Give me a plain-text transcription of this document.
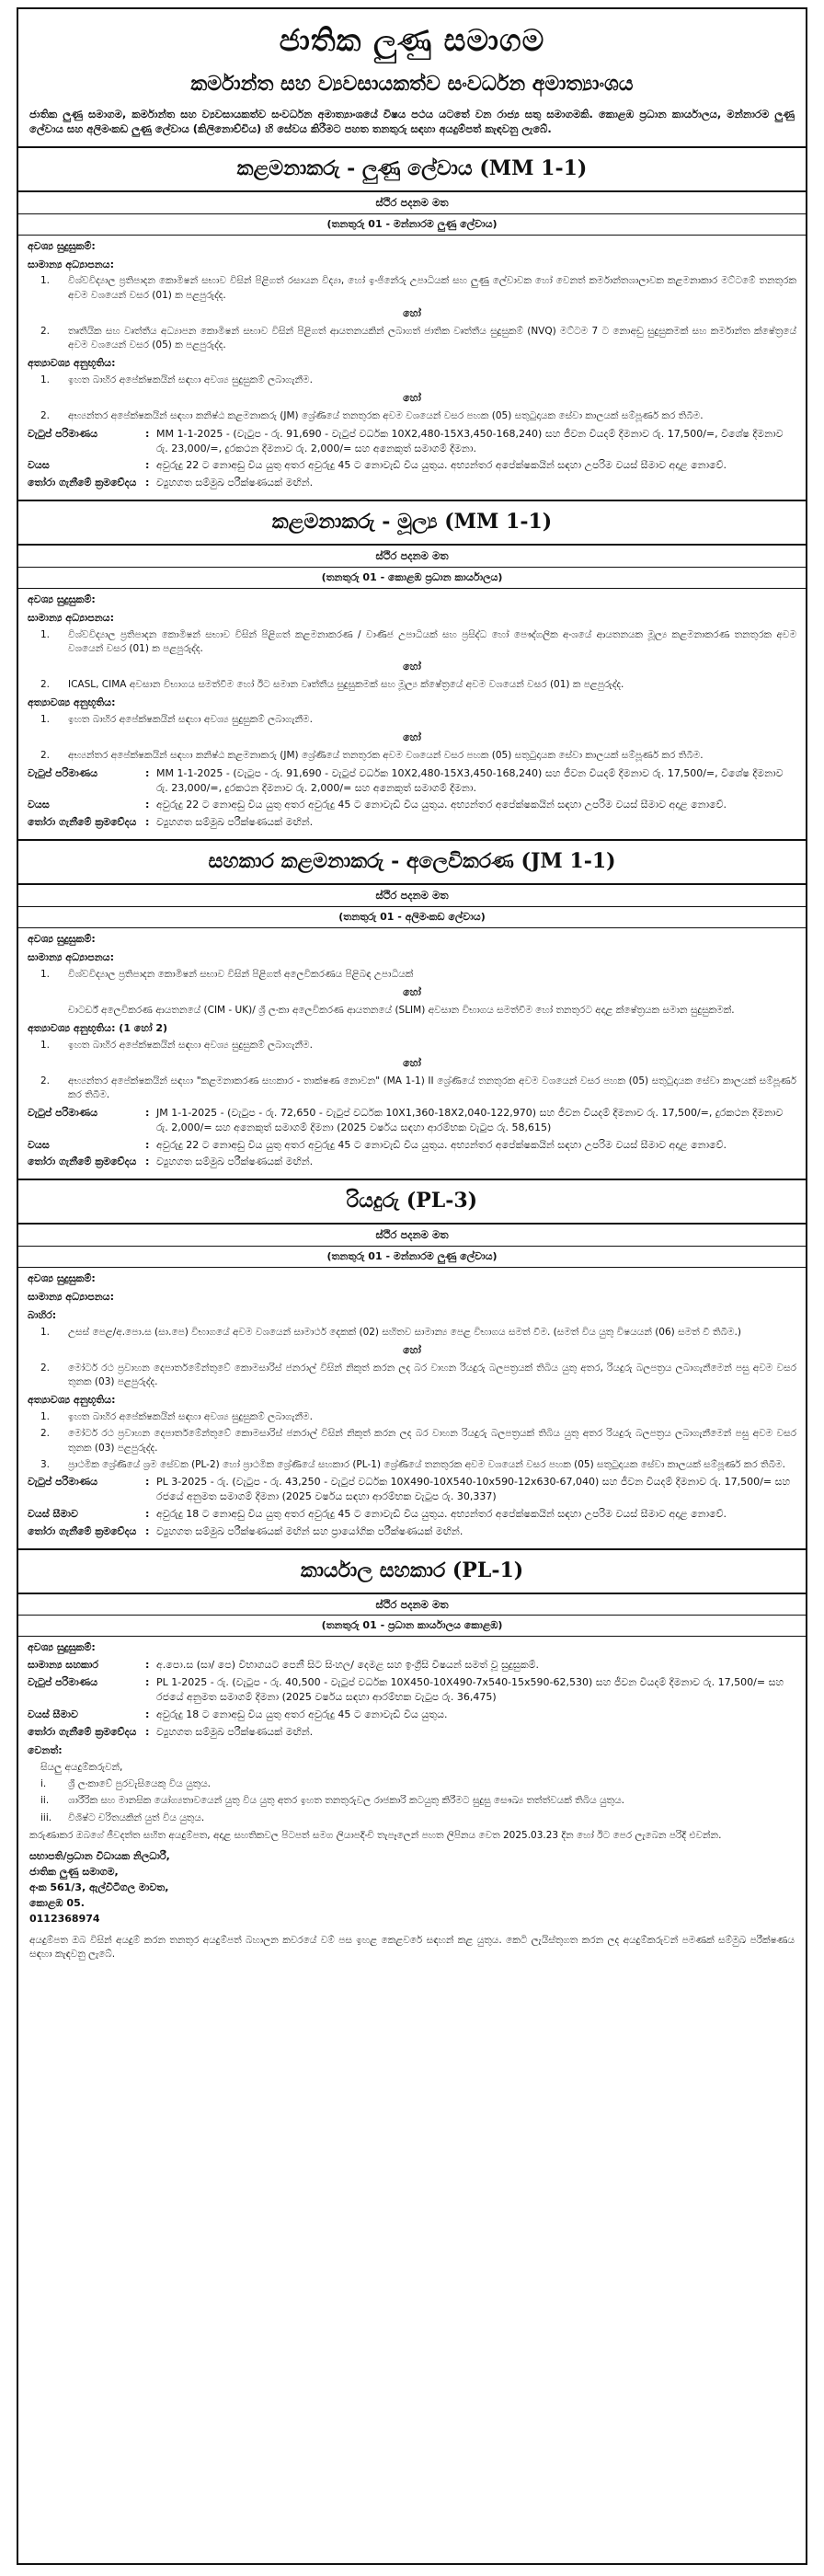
ජාතික ලුණු සමාගම
කර්මාන්ත සහ ව්‍යවසායකත්ව සංවර්ධන අමාත්‍යාංශය
ජාතික ලුණු සමාගම, කර්මාන්ත සහ ව්‍යවසායකත්ව සංවර්ධන අමාත්‍යාංශයේ විෂය පථය යටතේ වන රාජ්‍ය සතු සමාගමකි. කොළඹ ප්‍රධාන කාර්යාලය, මන්නාරම ලුණු ලේවාය සහ අලිමංකඩ ලුණු ලේවාය (කිලිනොච්චිය) හි සේවය කිරීමට පහත තනතුරු සඳහා අයදුම්පත් කැඳවනු ලැබේ.
කළමනාකරු - ලුණු ලේවාය (MM 1-1)
ස්ථිර පදනම මත
(තනතුරු 01 - මන්නාරම ලුණු ලේවාය)
අවශ්‍ය සුදුසුකම්:
සාමාන්‍ය අධ්‍යාපනය:
1.	විශ්වවිද්‍යාල ප්‍රතිපාදන කොමිෂන් සභාව විසින් පිළිගත් රසායන විද්‍යා, හෝ ඉංජිනේරු උපාධියක් සහ ලුණු ලේවාවක හෝ වෙනත් කර්මාන්තශාලාවක කළමනාකාර මට්ටමේ තනතුරක අවම වශයෙන් වසර (01) ක පළපුරුද්ද.
හෝ
2.	තෘතීයික සහ වෘත්තීය අධ්‍යාපන කොමිෂන් සභාව විසින් පිළිගත් ආයතනයකින් ලබාගත් ජාතික වෘත්තීය සුදුසුකම් (NVQ) මට්ටම 7 ට නොඅඩු සුදුසුකමක් සහ කර්මාන්ත ක්ෂේත්‍රයේ අවම වශයෙන් වසර (05) ක පළපුරුද්ද.
අත්‍යාවශ්‍ය අනුභූතිය:
1.	ඉහත බාහිර අපේක්ෂකයින් සඳහා අවශ්‍ය සුදුසුකම් ලබාගැනීම.
හෝ
2.	අභ්‍යන්තර අපේක්ෂකයින් සඳහා කනිෂ්ඨ කළමනාකරු (JM) ශ්‍රේණියේ තනතුරක අවම වශයෙන් වසර පහක (05) සතුටුදායක සේවා කාලයක් සම්පූර්ණ කර තිබීම.
වැටුප් පරිමාණය	: MM 1-1-2025 - (වැටුප - රු. 91,690 - වැටුප් වර්ධක 10X2,480-15X3,450-168,240) සහ ජීවන වියදම් දීමනාව රු. 17,500/=, විශේෂ දීමනාව රු. 23,000/=, දුරකථන දීමනාව රු. 2,000/= සහ අනෙකුත් සමාගම් දීමනා.
වයස	: අවුරුදු 22 ට නොඅඩු විය යුතු අතර අවුරුදු 45 ට නොවැඩි විය යුතුය. අභ්‍යන්තර අපේක්ෂකයින් සඳහා උපරිම වයස් සීමාව අදාළ නොවේ.
තෝරා ගැනීමේ ක්‍රමවේදය : ව්‍යුහගත සම්මුඛ පරීක්ෂණයක් මඟින්.
කළමනාකරු - මූල්‍ය (MM 1-1)
ස්ථිර පදනම මත
(තනතුරු 01 - කොළඹ ප්‍රධාන කාර්යාලය)
අවශ්‍ය සුදුසුකම්:
සාමාන්‍ය අධ්‍යාපනය:
1.	විශ්වවිද්‍යාල ප්‍රතිපාදන කොමිෂන් සභාව විසින් පිළිගත් කළමනාකරණ / වාණිජ උපාධියක් සහ ප්‍රසිද්ධ හෝ පෞද්ගලික අංශයේ ආයතනයක මූල්‍ය කළමනාකරණ තනතුරක අවම වශයෙන් වසර (01) ක පළපුරුද්ද.
හෝ
2.	ICASL, CIMA අවසාන විභාගය සමත්වීම හෝ ඊට සමාන වෘත්තීය සුදුසුකමක් සහ මූල්‍ය ක්ෂේත්‍රයේ අවම වශයෙන් වසර (01) ක පළපුරුද්ද.
අත්‍යාවශ්‍ය අනුභූතිය:
1.	ඉහත බාහිර අපේක්ෂකයින් සඳහා අවශ්‍ය සුදුසුකම් ලබාගැනීම.
හෝ
2.	අභ්‍යන්තර අපේක්ෂකයින් සඳහා කනිෂ්ඨ කළමනාකරු (JM) ශ්‍රේණියේ තනතුරක අවම වශයෙන් වසර පහක (05) සතුටුදායක සේවා කාලයක් සම්පූර්ණ කර තිබීම.
වැටුප් පරිමාණය	: MM 1-1-2025 - (වැටුප - රු. 91,690 - වැටුප් වර්ධක 10X2,480-15X3,450-168,240) සහ ජීවන වියදම් දීමනාව රු. 17,500/=, විශේෂ දීමනාව රු. 23,000/=, දුරකථන දීමනාව රු. 2,000/= සහ අනෙකුත් සමාගම් දීමනා.
වයස	: අවුරුදු 22 ට නොඅඩු විය යුතු අතර අවුරුදු 45 ට නොවැඩි විය යුතුය. අභ්‍යන්තර අපේක්ෂකයින් සඳහා උපරිම වයස් සීමාව අදාළ නොවේ.
තෝරා ගැනීමේ ක්‍රමවේදය : ව්‍යුහගත සම්මුඛ පරීක්ෂණයක් මඟින්.
සහකාර කළමනාකරු - අලෙවිකරණ (JM 1-1)
ස්ථිර පදනම මත
(තනතුරු 01 - අලිමංකඩ ලේවාය)
අවශ්‍ය සුදුසුකම්:
සාමාන්‍ය අධ්‍යාපනය:
1.	විශ්වවිද්‍යාල ප්‍රතිපාදන කොමිෂන් සභාව විසින් පිළිගත් අලෙවිකරණය පිළිබඳ උපාධියක්
හෝ
චාටර්ඩ් අලෙවිකරණ ආයතනයේ (CIM - UK)/ ශ්‍රී ලංකා අලෙවිකරණ ආයතනයේ (SLIM) අවසාන විභාගය සමත්වීම හෝ තනතුරට අදාළ ක්ෂේත්‍රයක සමාන සුදුසුකමක්.
අත්‍යාවශ්‍ය අනුභූතිය: (1 හෝ 2)
1.	ඉහත බාහිර අපේක්ෂකයින් සඳහා අවශ්‍ය සුදුසුකම් ලබාගැනීම.
හෝ
2.	අභ්‍යන්තර අපේක්ෂකයින් සඳහා "කළමනාකරණ සහකාර - තාක්ෂණ නොවන" (MA 1-1) II ශ්‍රේණියේ තනතුරක අවම වශයෙන් වසර පහක (05) සතුටුදායක සේවා කාලයක් සම්පූර්ණ කර තිබීම.
වැටුප් පරිමාණය	: JM 1-1-2025 - (වැටුප - රු. 72,650 - වැටුප් වර්ධක 10X1,360-18X2,040-122,970) සහ ජීවන වියදම් දීමනාව රු. 17,500/=, දුරකථන දීමනාව රු. 2,000/= සහ අනෙකුත් සමාගම් දීමනා (2025 වර්ෂය සඳහා ආරම්භක වැටුප රු. 58,615)
වයස	: අවුරුදු 22 ට නොඅඩු විය යුතු අතර අවුරුදු 45 ට නොවැඩි විය යුතුය. අභ්‍යන්තර අපේක්ෂකයින් සඳහා උපරිම වයස් සීමාව අදාළ නොවේ.
තෝරා ගැනීමේ ක්‍රමවේදය : ව්‍යුහගත සම්මුඛ පරීක්ෂණයක් මඟින්.
රියදුරු (PL-3)
ස්ථිර පදනම මත
(තනතුරු 01 - මන්නාරම ලුණු ලේවාය)
අවශ්‍ය සුදුසුකම්:
සාමාන්‍ය අධ්‍යාපනය:
බාහිර:
1.	උසස් පෙළ/අ.පො.ස (සා.පෙ) විභාගයේ අවම වශයෙන් සාමාර්ථ දෙකක් (02) සහිතව සාමාන්‍ය පෙළ විභාගය සමත් වීම. (සමත් විය යුතු විෂයයන් (06) සමත් වී තිබීම.)
හෝ
2.	මෝටර් රථ ප්‍රවාහන දෙපාර්තමේන්තුවේ කොමසාරිස් ජනරාල් විසින් නිකුත් කරන ලද බර වාහන රියදුරු බලපත්‍රයක් තිබිය යුතු අතර, රියදුරු බලපත්‍රය ලබාගැනීමෙන් පසු අවම වසර තුනක (03) පළපුරුද්ද.
අත්‍යාවශ්‍ය අනුභූතිය:
1.	ඉහත බාහිර අපේක්ෂකයින් සඳහා අවශ්‍ය සුදුසුකම් ලබාගැනීම.
2.	මෝටර් රථ ප්‍රවාහන දෙපාර්තමේන්තුවේ කොමසාරිස් ජනරාල් විසින් නිකුත් කරන ලද බර වාහන රියදුරු බලපත්‍රයක් තිබිය යුතු අතර රියදුරු බලපත්‍රය ලබාගැනීමෙන් පසු අවම වසර තුනක (03) පළපුරුද්ද.
3.	ප්‍රාථමික ශ්‍රේණියේ ශ්‍රම සේවක (PL-2) හෝ ප්‍රාථමික ශ්‍රේණියේ සහකාර (PL-1) ශ්‍රේණියේ තනතුරක අවම වශයෙන් වසර පහක (05) සතුටුදායක සේවා කාලයක් සම්පූර්ණ කර තිබීම.
වැටුප් පරිමාණය	: PL 3-2025 - රු. (වැටුප - රු. 43,250 - වැටුප් වර්ධක 10X490-10X540-10x590-12x630-67,040) සහ ජීවන වියදම් දීමනාව රු. 17,500/= සහ රජයේ අනුමත සමාගම් දීමනා (2025 වර්ෂය සඳහා ආරම්භක වැටුප රු. 30,337)
වයස් සීමාව	: අවුරුදු 18 ට නොඅඩු විය යුතු අතර අවුරුදු 45 ට නොවැඩි විය යුතුය. අභ්‍යන්තර අපේක්ෂකයින් සඳහා උපරිම වයස් සීමාව අදාළ නොවේ.
තෝරා ගැනීමේ ක්‍රමවේදය : ව්‍යුහගත සම්මුඛ පරීක්ෂණයක් මඟින් සහ ප්‍රායෝගික පරීක්ෂණයක් මඟින්.
කාර්යාල සහකාර (PL-1)
ස්ථිර පදනම මත
(තනතුරු 01 - ප්‍රධාන කාර්යාලය කොළඹ)
අවශ්‍ය සුදුසුකම්:
සාමාන්‍ය සහකාර	: අ.පො.ස (සා/ පෙ) විභාගයට පෙනී සිට සිංහල/ දෙමළ සහ ඉංග්‍රීසි විෂයන් සමත් වූ සුදුසුකම්.
වැටුප් පරිමාණය	: PL 1-2025 - රු. (වැටුප - රු. 40,500 - වැටුප් වර්ධක 10X450-10X490-7x540-15x590-62,530) සහ ජීවන වියදම් දීමනාව රු. 17,500/= සහ රජයේ අනුමත සමාගම් දීමනා (2025 වර්ෂය සඳහා ආරම්භක වැටුප රු. 36,475)
වයස් සීමාව	: අවුරුදු 18 ට නොඅඩු විය යුතු අතර අවුරුදු 45 ට නොවැඩි විය යුතුය.
තෝරා ගැනීමේ ක්‍රමවේදය : ව්‍යුහගත සම්මුඛ පරීක්ෂණයක් මඟින්.
වෙනත්:
සියලු අයදුම්කරුවන්,
i.	ශ්‍රී ලංකාවේ පුරවැසියෙකු විය යුතුය.
ii.	ශාරීරික සහ මානසික යෝග්‍යතාවයෙන් යුතු විය යුතු අතර ඉහත තනතුරුවල රාජකාරි කටයුතු කිරීමට සුදුසු සෞඛ්‍ය තත්ත්වයක් තිබිය යුතුය.
iii.	විශිෂ්ට චරිතයකින් යුත් විය යුතුය.
කරුණාකර ඔබගේ ජීවදත්ත සහිත අයදුම්පත, අදාළ සහතිකවල පිටපත් සමග ලියාපදිංචි තැපෑලෙන් පහත ලිපිනය වෙත 2025.03.23 දින හෝ ඊට පෙර ලැබෙන පරිදි එවන්න.
සභාපති/ප්‍රධාන විධායක නිලධාරී,
ජාතික ලුණු සමාගම,
අංක 561/3, ඇල්විටිගල මාවත,
කොළඹ 05.
0112368974
අයදුම්පත ඔබ විසින් අයදුම් කරන තනතුර අයදුම්පත් බහාලන කවරයේ වම් පස ඉහළ කෙළවරේ සඳහන් කළ යුතුය. කෙටි ලැයිස්තුගත කරන ලද අයදුම්කරුවන් පමණක් සම්මුඛ පරීක්ෂණය සඳහා කැඳවනු ලැබේ.
